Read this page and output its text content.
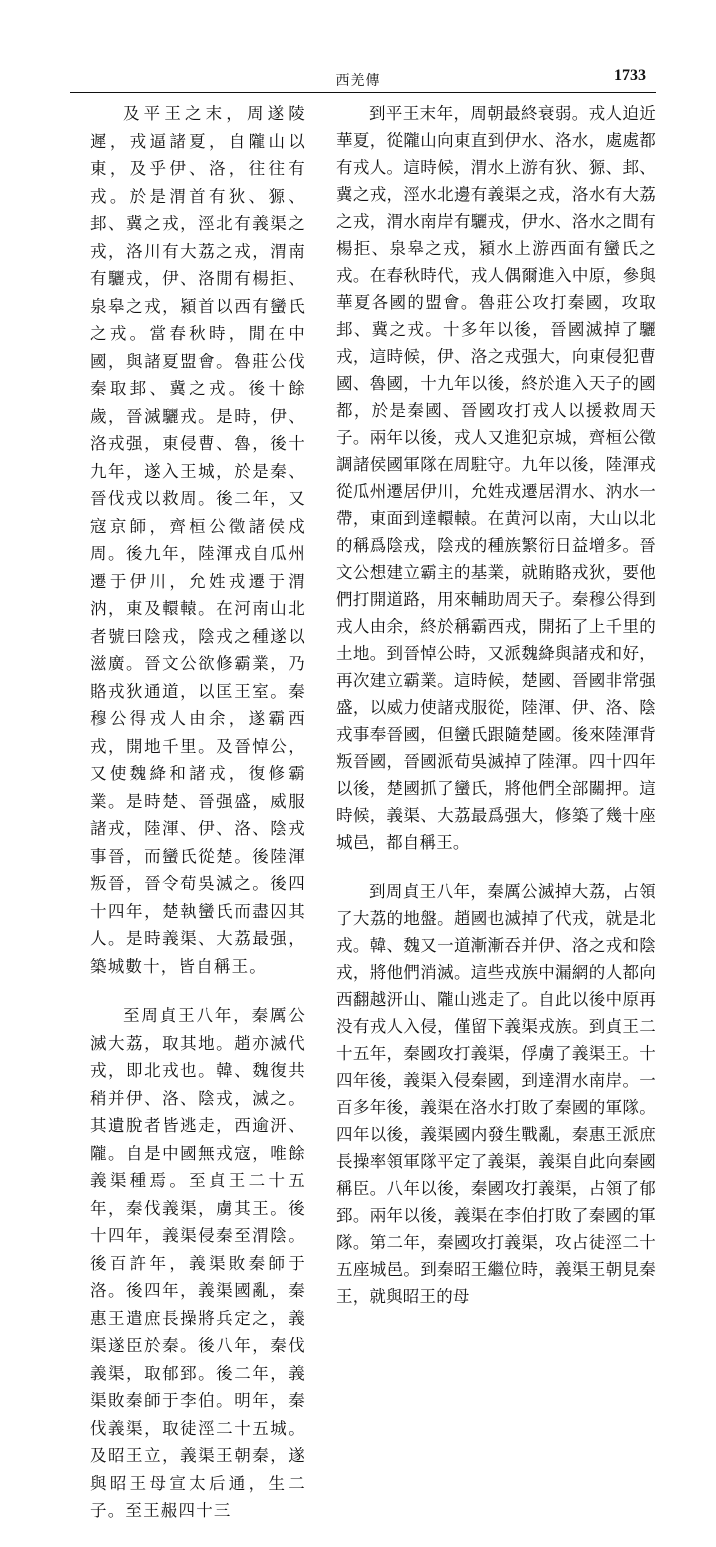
西羌傳	1733

及平王之末，周遂陵遲，戎逼諸夏，自隴山以東，及乎伊、洛，往往有戎。於是渭首有狄、獂、邽、冀之戎，涇北有義渠之戎，洛川有大荔之戎，渭南有驪戎，伊、洛閒有楊拒、泉皋之戎，潁首以西有蠻氏之戎。當春秋時，閒在中國，與諸夏盟會。魯莊公伐秦取邽、冀之戎。後十餘歲，晉滅驪戎。是時，伊、洛戎强，東侵曹、魯，後十九年，遂入王城，於是秦、晉伐戎以救周。後二年，又寇京師，齊桓公徵諸侯戍周。後九年，陸渾戎自瓜州遷于伊川，允姓戎遷于渭汭，東及轘轅。在河南山北者號曰陰戎，陰戎之種遂以滋廣。晉文公欲修霸業，乃賂戎狄通道，以匡王室。秦穆公得戎人由余，遂霸西戎，開地千里。及晉悼公，又使魏絳和諸戎，復修霸業。是時楚、晉强盛，威服諸戎，陸渾、伊、洛、陰戎事晉，而蠻氏從楚。後陸渾叛晉，晉令荀吳滅之。後四十四年，楚執蠻氏而盡囚其人。是時義渠、大荔最强，築城數十，皆自稱王。

至周貞王八年，秦厲公滅大荔，取其地。趙亦滅代戎，即北戎也。韓、魏復共稍并伊、洛、陰戎，滅之。其遺脫者皆逃走，西逾汧、隴。自是中國無戎寇，唯餘義渠種焉。至貞王二十五年，秦伐義渠，虜其王。後十四年，義渠侵秦至渭陰。後百許年，義渠敗秦師于洛。後四年，義渠國亂，秦惠王遣庶長操將兵定之，義渠遂臣於秦。後八年，秦伐義渠，取郁郅。後二年，義渠敗秦師于李伯。明年，秦伐義渠，取徒涇二十五城。及昭王立，義渠王朝秦，遂與昭王母宣太后通，生二子。至王赧四十三

到平王末年，周朝最終衰弱。戎人迫近華夏，從隴山向東直到伊水、洛水，處處都有戎人。這時候，渭水上游有狄、獂、邽、冀之戎，涇水北邊有義渠之戎，洛水有大荔之戎，渭水南岸有驪戎，伊水、洛水之間有楊拒、泉皋之戎，潁水上游西面有蠻氏之戎。在春秋時代，戎人偶爾進入中原，參與華夏各國的盟會。魯莊公攻打秦國，攻取邽、冀之戎。十多年以後，晉國滅掉了驪戎，這時候，伊、洛之戎强大，向東侵犯曹國、魯國，十九年以後，終於進入天子的國都，於是秦國、晉國攻打戎人以援救周天子。兩年以後，戎人又進犯京城，齊桓公徵調諸侯國軍隊在周駐守。九年以後，陸渾戎從瓜州遷居伊川，允姓戎遷居渭水、汭水一帶，東面到達轘轅。在黄河以南，大山以北的稱爲陰戎，陰戎的種族繁衍日益增多。晉文公想建立霸主的基業，就賄賂戎狄，要他們打開道路，用來輔助周天子。秦穆公得到戎人由余，終於稱霸西戎，開拓了上千里的土地。到晉悼公時，又派魏絳與諸戎和好，再次建立霸業。這時候，楚國、晉國非常强盛，以威力使諸戎服從，陸渾、伊、洛、陰戎事奉晉國，但蠻氏跟隨楚國。後來陸渾背叛晉國，晉國派荀吳滅掉了陸渾。四十四年以後，楚國抓了蠻氏，將他們全部關押。這時候，義渠、大荔最爲强大，修築了幾十座城邑，都自稱王。

到周貞王八年，秦厲公滅掉大荔，占領了大荔的地盤。趙國也滅掉了代戎，就是北戎。韓、魏又一道漸漸吞并伊、洛之戎和陰戎，將他們消滅。這些戎族中漏網的人都向西翻越汧山、隴山逃走了。自此以後中原再没有戎人入侵，僅留下義渠戎族。到貞王二十五年，秦國攻打義渠，俘虜了義渠王。十四年後，義渠入侵秦國，到達渭水南岸。一百多年後，義渠在洛水打敗了秦國的軍隊。四年以後，義渠國内發生戰亂，秦惠王派庶長操率領軍隊平定了義渠，義渠自此向秦國稱臣。八年以後，秦國攻打義渠，占領了郁郅。兩年以後，義渠在李伯打敗了秦國的軍隊。第二年，秦國攻打義渠，攻占徒涇二十五座城邑。到秦昭王繼位時，義渠王朝見秦王，就與昭王的母
